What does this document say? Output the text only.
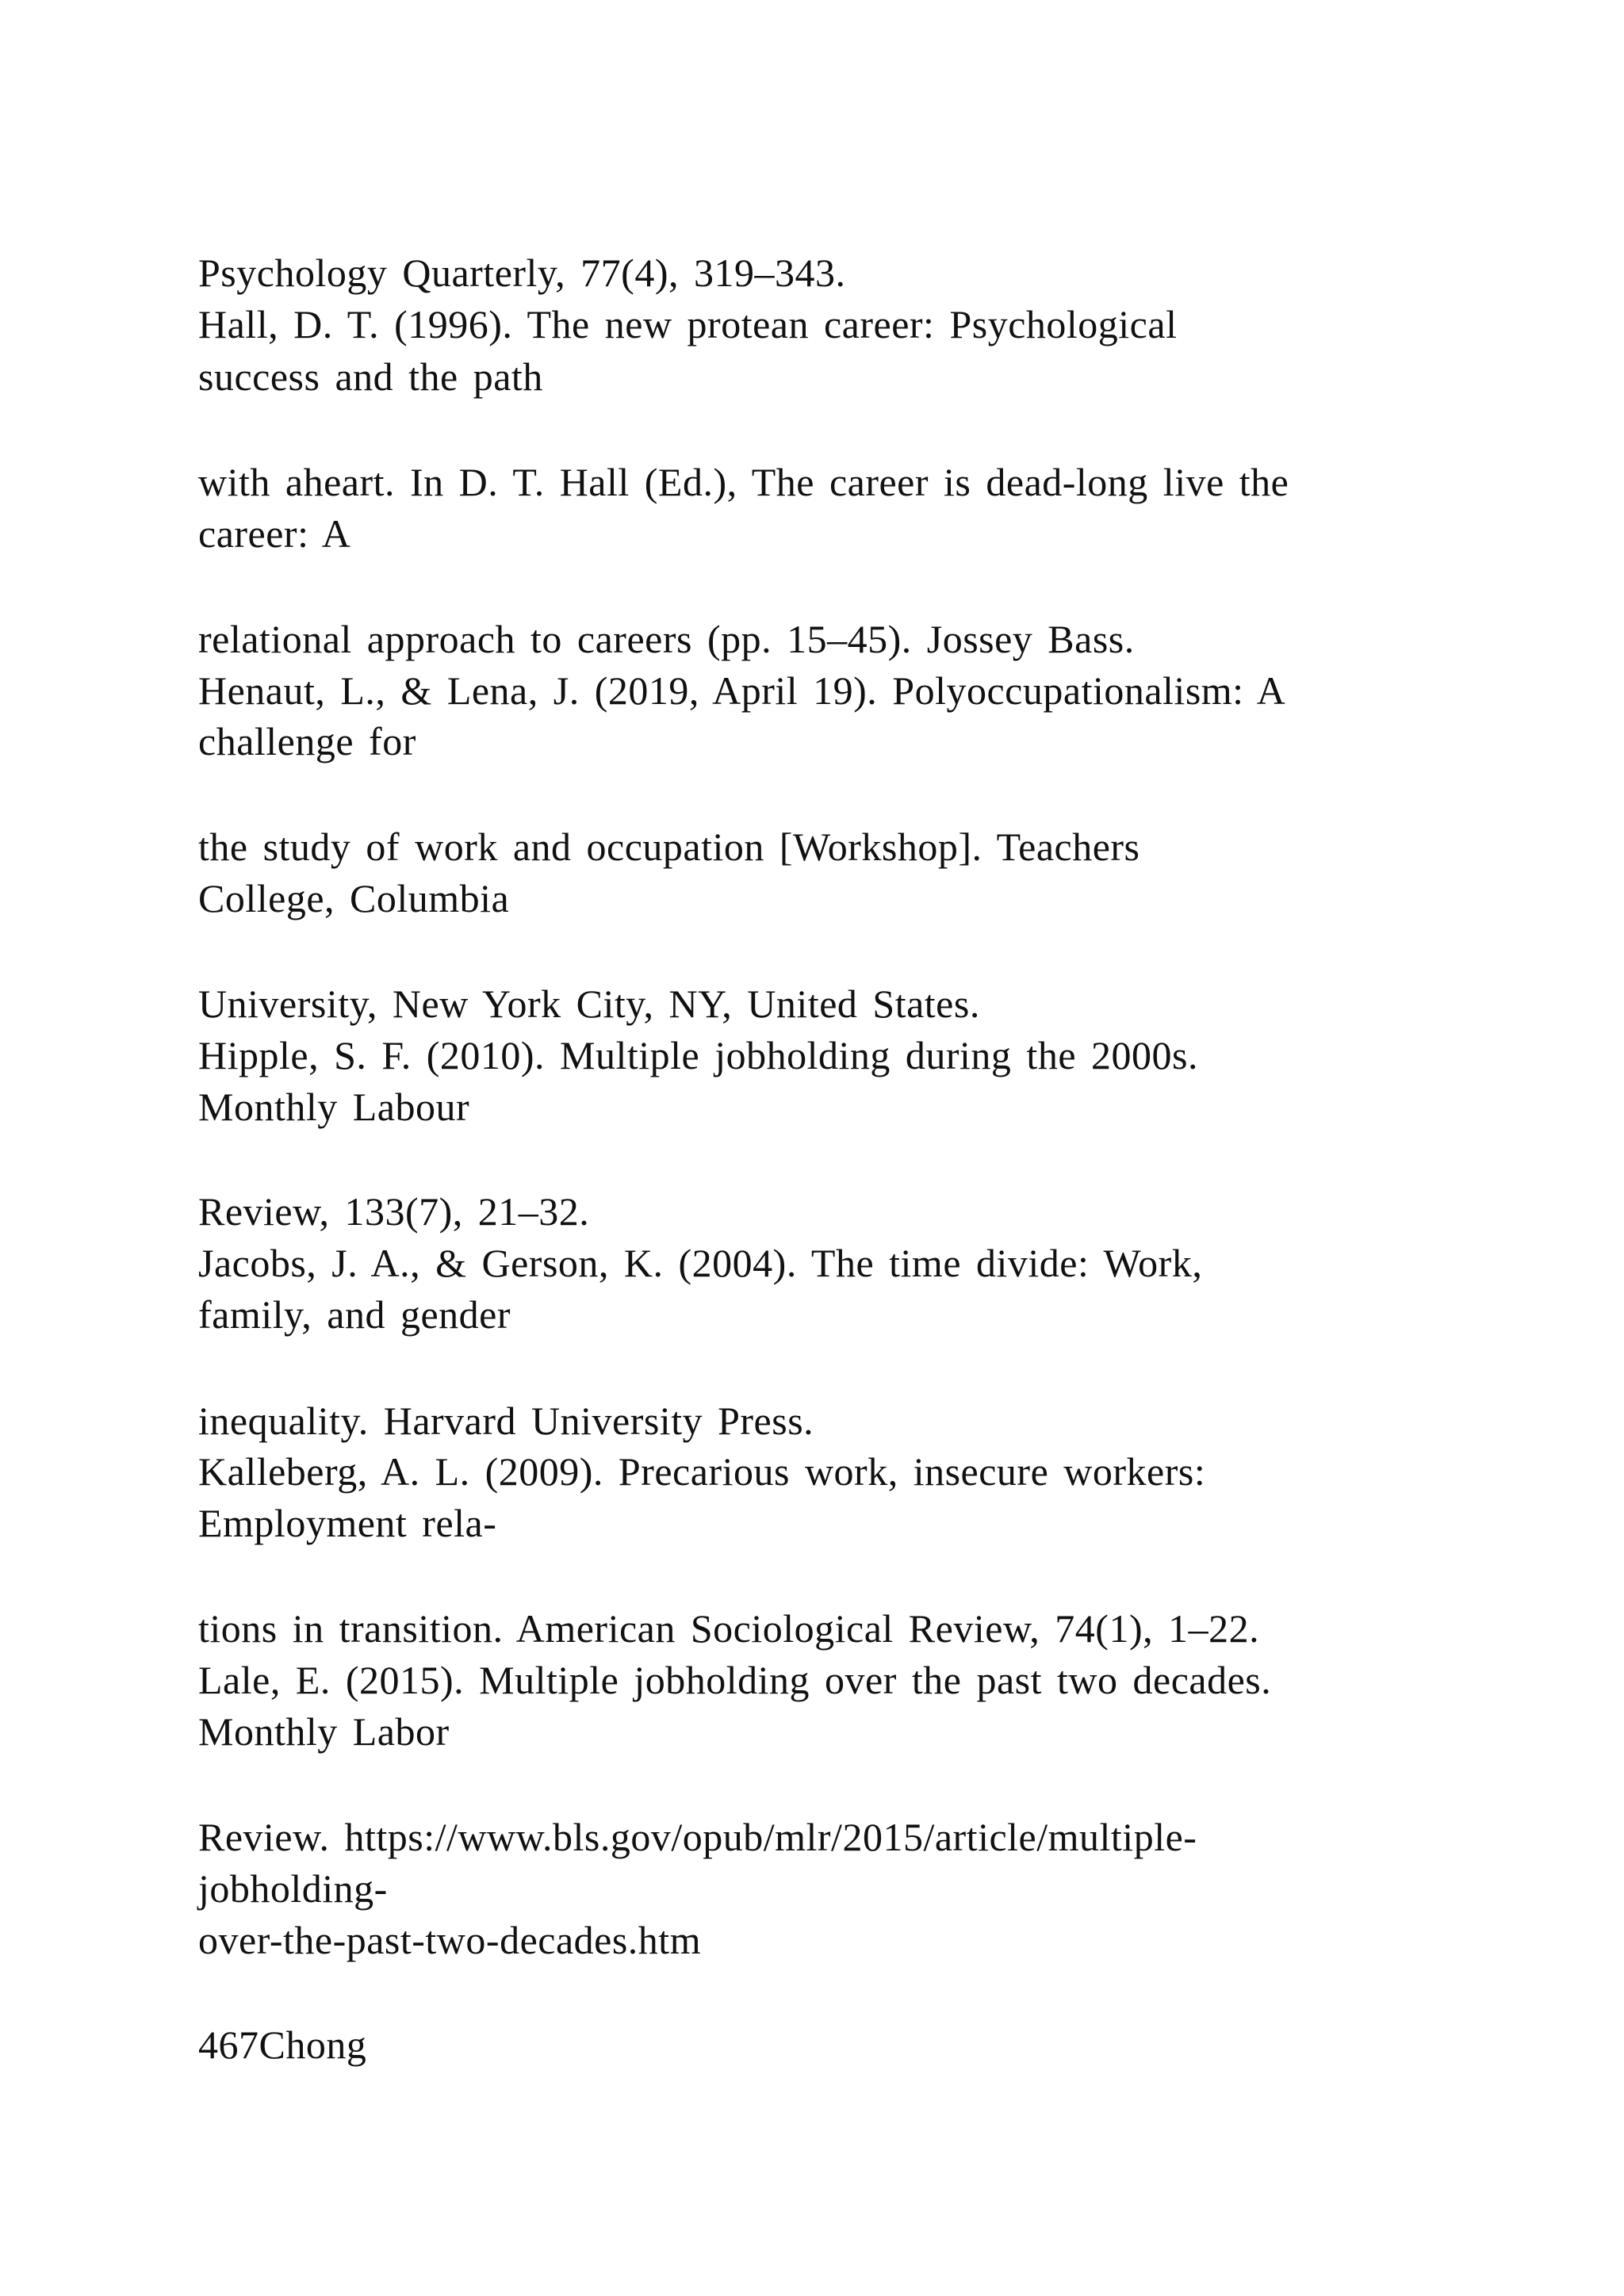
Psychology Quarterly, 77(4), 319–343.

Hall, D. T. (1996). The new protean career: Psychological

success and the path

with aheart. In D. T. Hall (Ed.), The career is dead-long live the

career: A

relational approach to careers (pp. 15–45). Jossey Bass.

Henaut, L., & Lena, J. (2019, April 19). Polyoccupationalism: A

challenge for

the study of work and occupation [Workshop]. Teachers

College, Columbia

University, New York City, NY, United States.

Hipple, S. F. (2010). Multiple jobholding during the 2000s.

Monthly Labour

Review, 133(7), 21–32.

Jacobs, J. A., & Gerson, K. (2004). The time divide: Work,

family, and gender

inequality. Harvard University Press.

Kalleberg, A. L. (2009). Precarious work, insecure workers:

Employment rela-

tions in transition. American Sociological Review, 74(1), 1–22.

Lale, E. (2015). Multiple jobholding over the past two decades.

Monthly Labor

Review. https://www.bls.gov/opub/mlr/2015/article/multiple-

jobholding-

over-the-past-two-decades.htm

467Chong
